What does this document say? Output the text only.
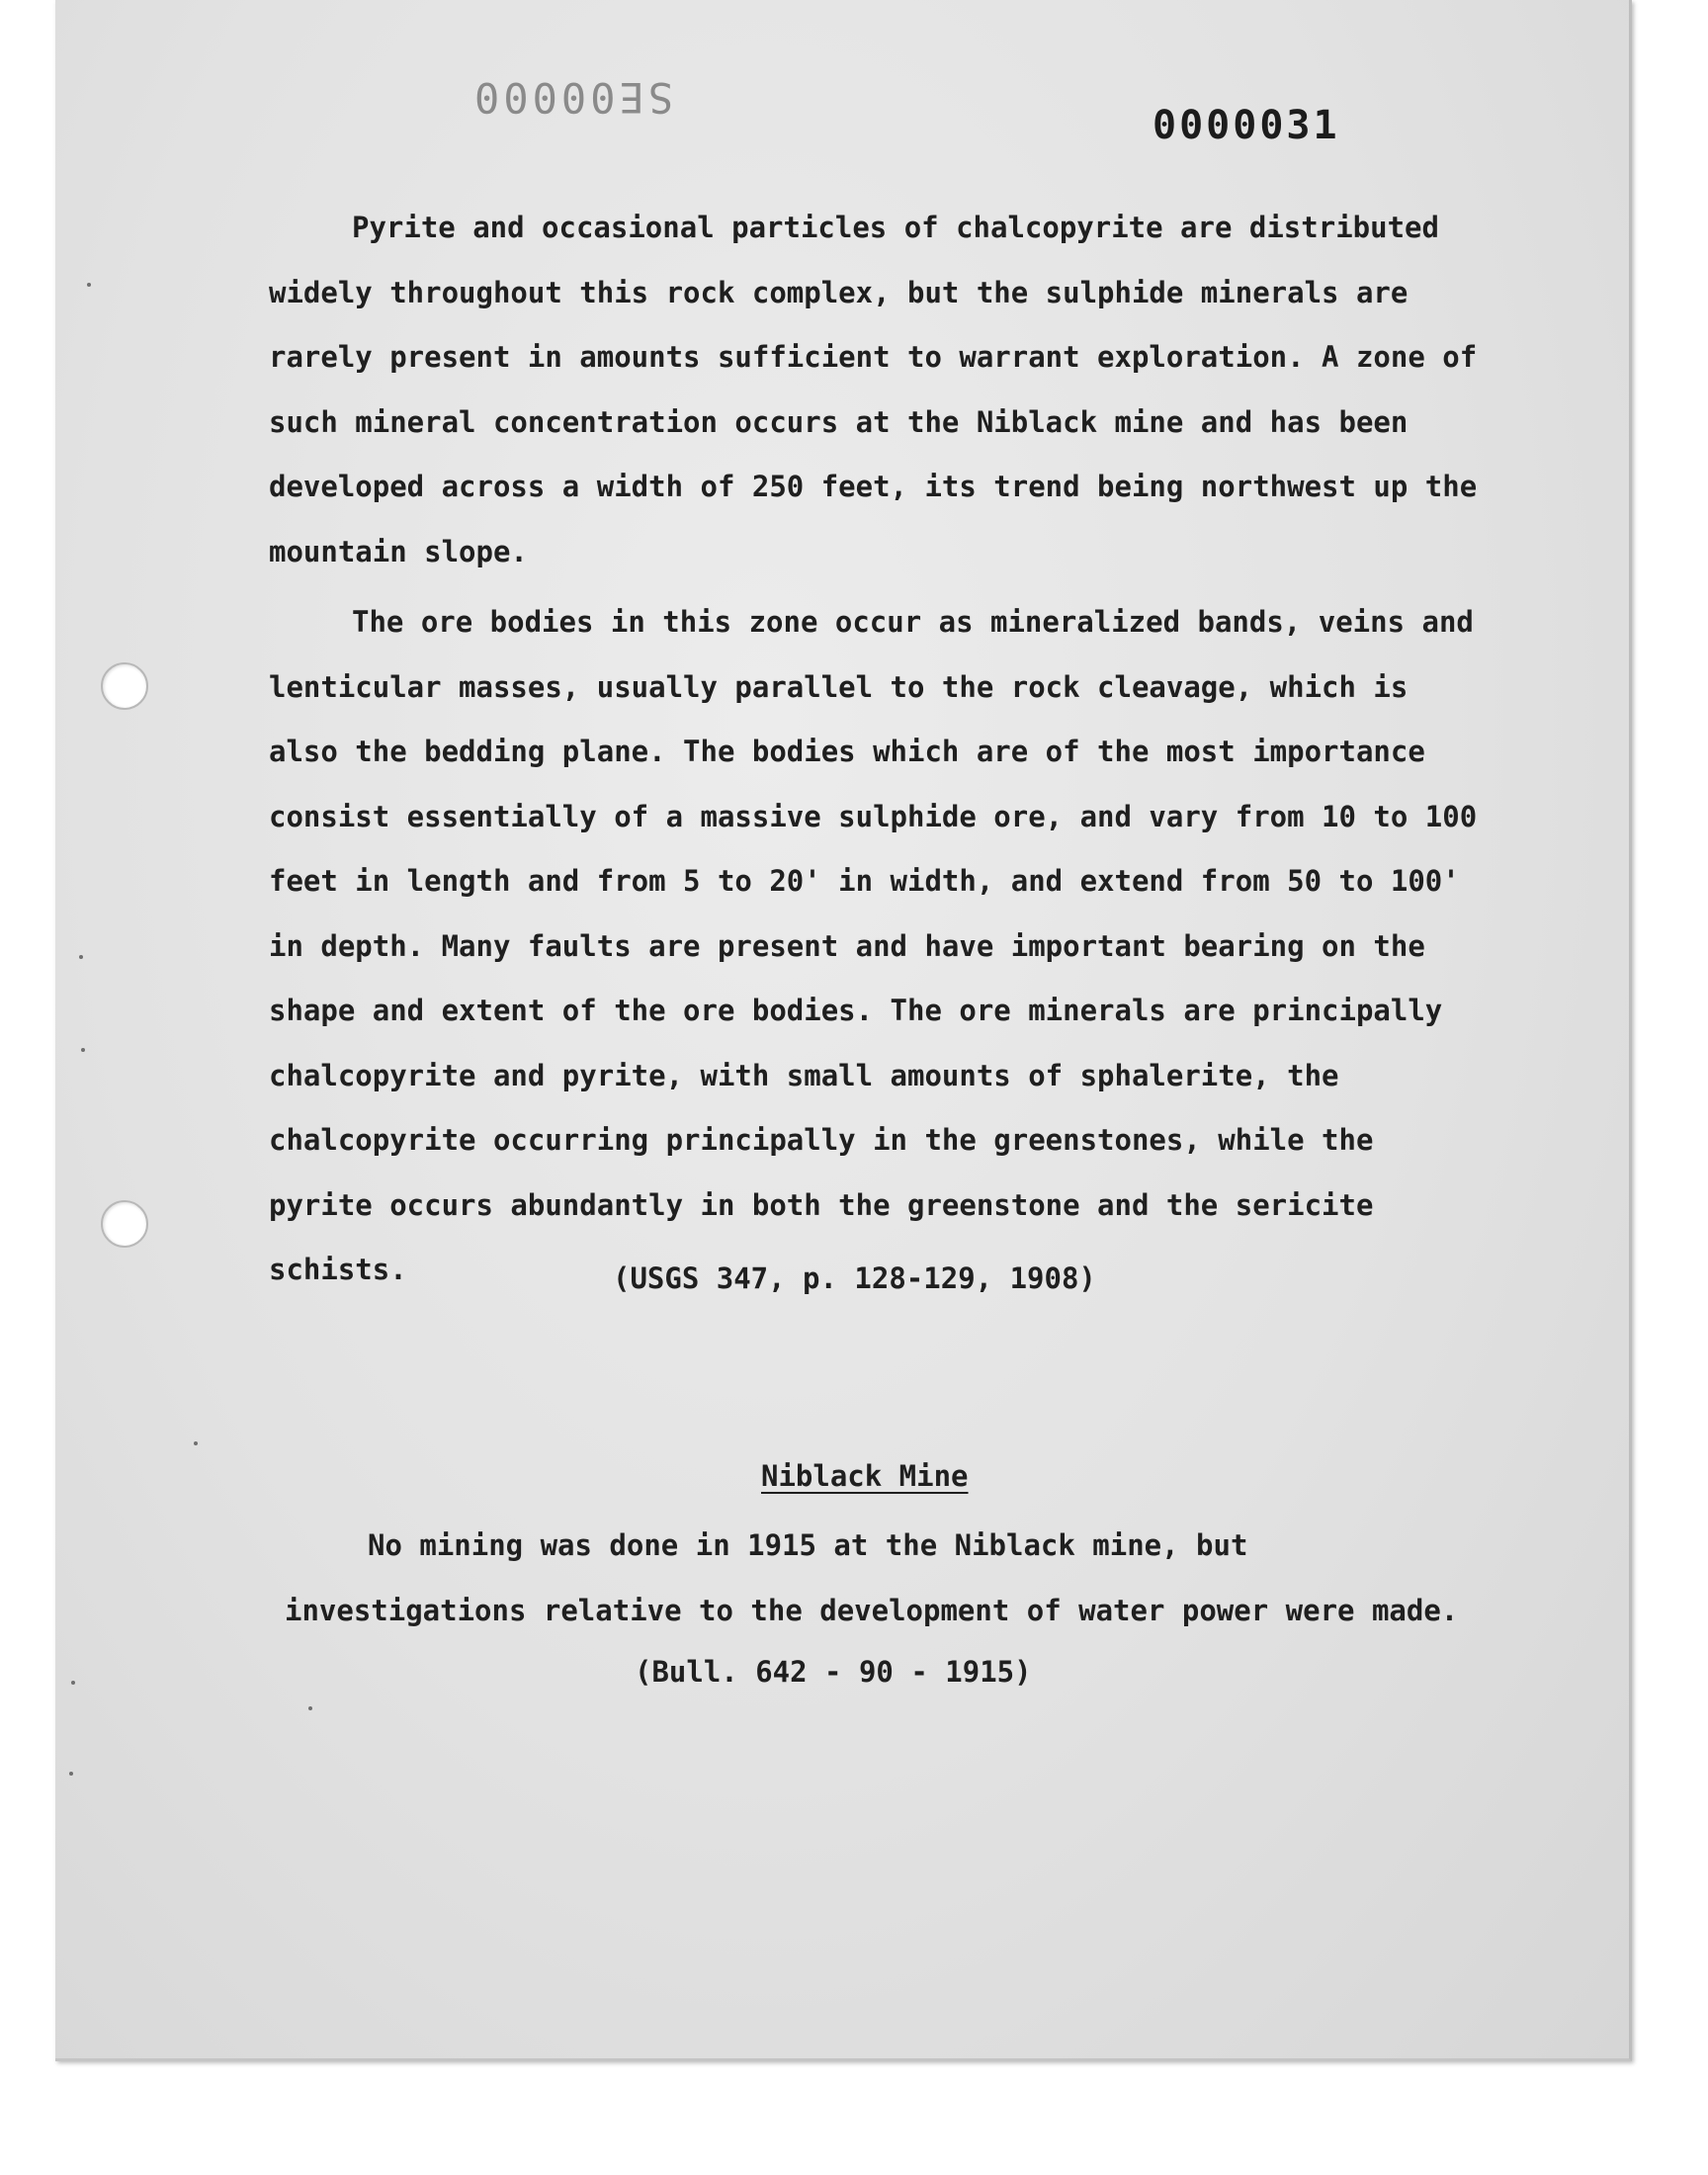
SE00000
0000031

Pyrite and occasional particles of chalcopyrite are distributed widely throughout this rock complex, but the sulphide minerals are rarely present in amounts sufficient to warrant exploration. A zone of such mineral concentration occurs at the Niblack mine and has been developed across a width of 250 feet, its trend being northwest up the mountain slope.

The ore bodies in this zone occur as mineralized bands, veins and lenticular masses, usually parallel to the rock cleavage, which is also the bedding plane. The bodies which are of the most importance consist essentially of a massive sulphide ore, and vary from 10 to 100 feet in length and from 5 to 20' in width, and extend from 50 to 100' in depth. Many faults are present and have important bearing on the shape and extent of the ore bodies. The ore minerals are principally chalcopyrite and pyrite, with small amounts of sphalerite, the chalcopyrite occurring principally in the greenstones, while the pyrite occurs abundantly in both the greenstone and the sericite schists.	(USGS 347, p. 128-129, 1908)
Niblack Mine

No mining was done in 1915 at the Niblack mine, but investigations relative to the development of water power were made.

(Bull. 642 - 90 - 1915)
